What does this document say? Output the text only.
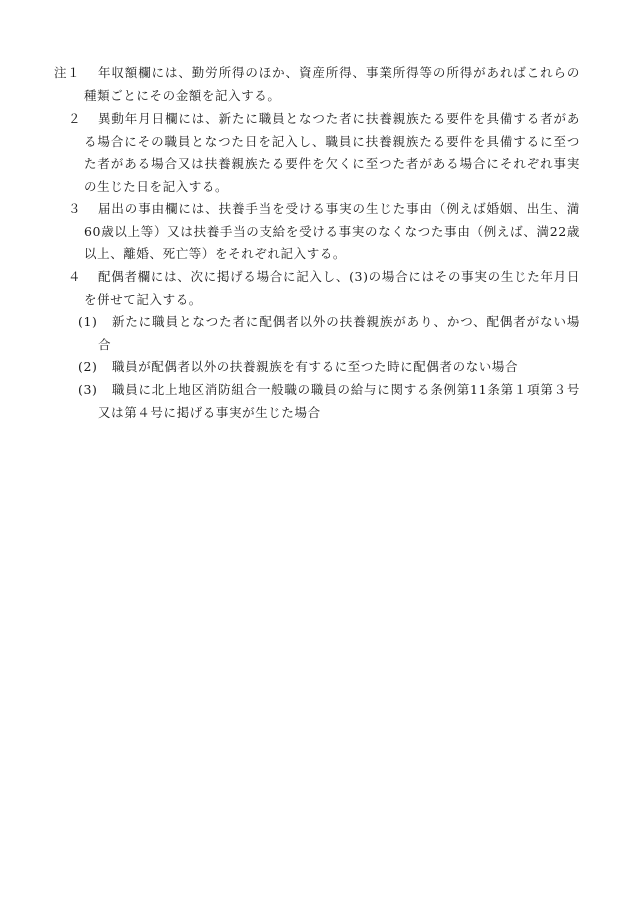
注１	年収額欄には、勤労所得のほか、資産所得、事業所得等の所得があればこれらの種類ごとにその金額を記入する。
２	異動年月日欄には、新たに職員となつた者に扶養親族たる要件を具備する者がある場合にその職員となつた日を記入し、職員に扶養親族たる要件を具備するに至つた者がある場合又は扶養親族たる要件を欠くに至つた者がある場合にそれぞれ事実の生じた日を記入する。
３	届出の事由欄には、扶養手当を受ける事実の生じた事由（例えば婚姻、出生、満60歳以上等）又は扶養手当の支給を受ける事実のなくなつた事由（例えば、満22歳以上、離婚、死亡等）をそれぞれ記入する。
４	配偶者欄には、次に掲げる場合に記入し、(3)の場合にはその事実の生じた年月日を併せて記入する。
(1)	新たに職員となつた者に配偶者以外の扶養親族があり、かつ、配偶者がない場合
(2)	職員が配偶者以外の扶養親族を有するに至つた時に配偶者のない場合
(3)	職員に北上地区消防組合一般職の職員の給与に関する条例第11条第１項第３号又は第４号に掲げる事実が生じた場合
